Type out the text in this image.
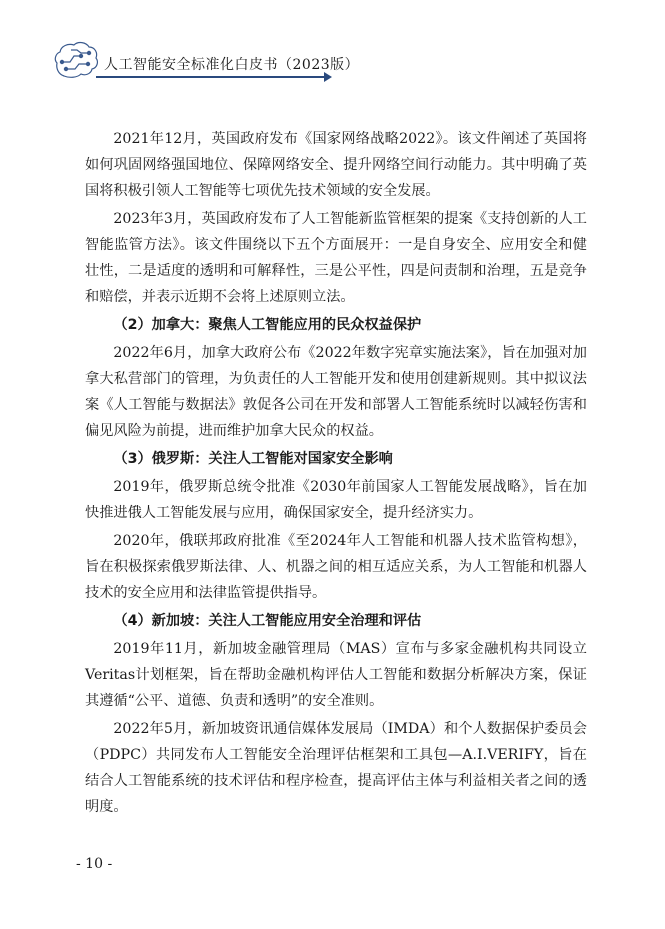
人工智能安全标准化白皮书（2023版）

2021年12月，英国政府发布《国家网络战略2022》。该文件阐述了英国将如何巩固网络强国地位、保障网络安全、提升网络空间行动能力。其中明确了英国将积极引领人工智能等七项优先技术领域的安全发展。

2023年3月，英国政府发布了人工智能新监管框架的提案《支持创新的人工智能监管方法》。该文件围绕以下五个方面展开：一是自身安全、应用安全和健壮性，二是适度的透明和可解释性，三是公平性，四是问责制和治理，五是竞争和赔偿，并表示近期不会将上述原则立法。

（2）加拿大：聚焦人工智能应用的民众权益保护

2022年6月，加拿大政府公布《2022年数字宪章实施法案》，旨在加强对加拿大私营部门的管理，为负责任的人工智能开发和使用创建新规则。其中拟议法案《人工智能与数据法》敦促各公司在开发和部署人工智能系统时以减轻伤害和偏见风险为前提，进而维护加拿大民众的权益。

（3）俄罗斯：关注人工智能对国家安全影响

2019年，俄罗斯总统令批准《2030年前国家人工智能发展战略》，旨在加快推进俄人工智能发展与应用，确保国家安全，提升经济实力。

2020年，俄联邦政府批准《至2024年人工智能和机器人技术监管构想》，旨在积极探索俄罗斯法律、人、机器之间的相互适应关系，为人工智能和机器人技术的安全应用和法律监管提供指导。

（4）新加坡：关注人工智能应用安全治理和评估

2019年11月，新加坡金融管理局（MAS）宣布与多家金融机构共同设立Veritas计划框架，旨在帮助金融机构评估人工智能和数据分析解决方案，保证其遵循“公平、道德、负责和透明”的安全准则。

2022年5月，新加坡资讯通信媒体发展局（IMDA）和个人数据保护委员会（PDPC）共同发布人工智能安全治理评估框架和工具包—A.I.VERIFY，旨在结合人工智能系统的技术评估和程序检查，提高评估主体与利益相关者之间的透明度。

- 10 -
